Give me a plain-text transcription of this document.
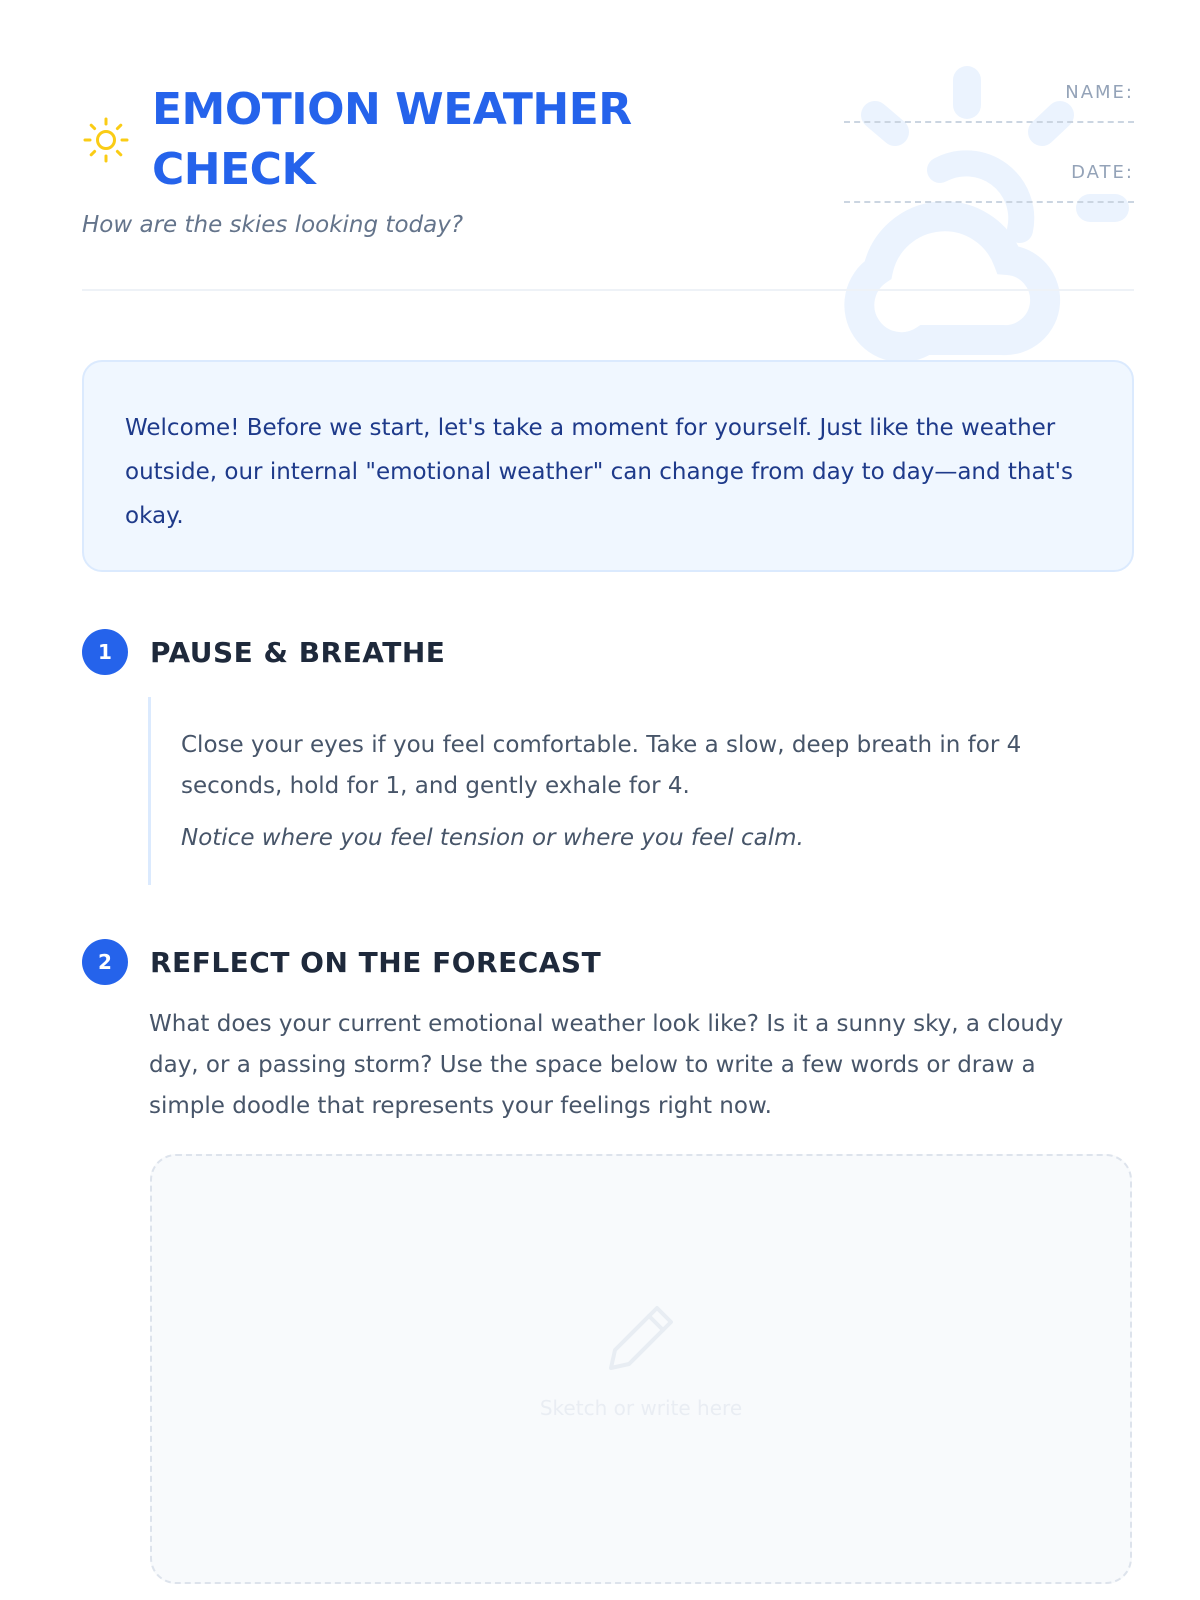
EMOTION WEATHER CHECK
How are the skies looking today?
NAME:
DATE:

Welcome! Before we start, let's take a moment for yourself. Just like the weather outside, our internal "emotional weather" can change from day to day—and that's okay.

1	PAUSE & BREATHE

Close your eyes if you feel comfortable. Take a slow, deep breath in for 4 seconds, hold for 1, and gently exhale for 4.

Notice where you feel tension or where you feel calm.

2	REFLECT ON THE FORECAST

What does your current emotional weather look like? Is it a sunny sky, a cloudy day, or a passing storm? Use the space below to write a few words or draw a simple doodle that represents your feelings right now.

Sketch or write here
